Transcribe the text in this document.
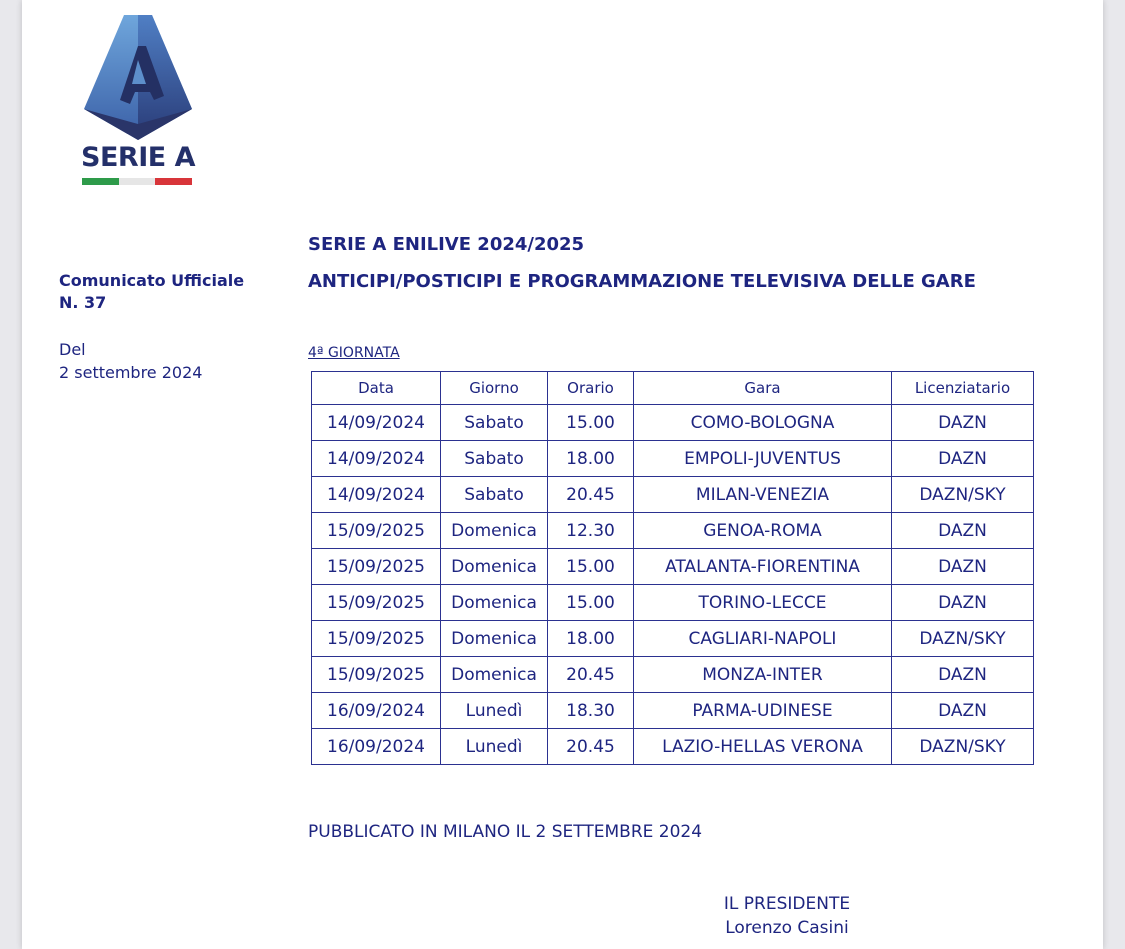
SERIE A
Comunicato Ufficiale
N. 37
Del
2 settembre 2024
SERIE A ENILIVE 2024/2025
ANTICIPI/POSTICIPI E PROGRAMMAZIONE TELEVISIVA DELLE GARE
4ª GIORNATA
Data	Giorno	Orario	Gara	Licenziatario
14/09/2024	Sabato	15.00	COMO-BOLOGNA	DAZN
14/09/2024	Sabato	18.00	EMPOLI-JUVENTUS	DAZN
14/09/2024	Sabato	20.45	MILAN-VENEZIA	DAZN/SKY
15/09/2025	Domenica	12.30	GENOA-ROMA	DAZN
15/09/2025	Domenica	15.00	ATALANTA-FIORENTINA	DAZN
15/09/2025	Domenica	15.00	TORINO-LECCE	DAZN
15/09/2025	Domenica	18.00	CAGLIARI-NAPOLI	DAZN/SKY
15/09/2025	Domenica	20.45	MONZA-INTER	DAZN
16/09/2024	Lunedì	18.30	PARMA-UDINESE	DAZN
16/09/2024	Lunedì	20.45	LAZIO-HELLAS VERONA	DAZN/SKY
PUBBLICATO IN MILANO IL 2 SETTEMBRE 2024
IL PRESIDENTE
Lorenzo Casini
